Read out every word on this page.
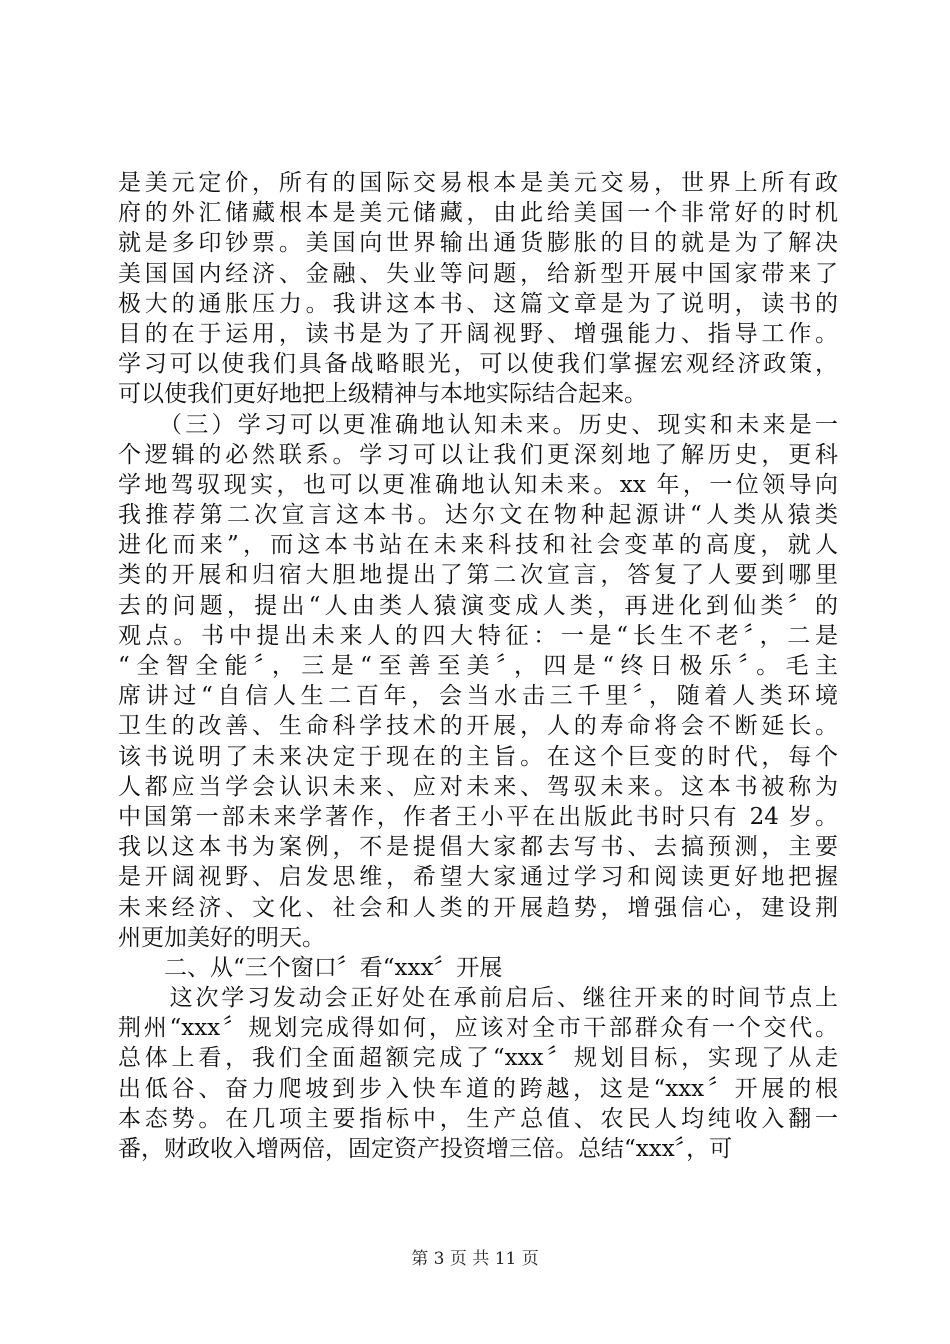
是美元定价，所有的国际交易根本是美元交易，世界上所有政
府的外汇储藏根本是美元储藏，由此给美国一个非常好的时机
就是多印钞票。美国向世界输出通货膨胀的目的就是为了解决
美国国内经济、金融、失业等问题，给新型开展中国家带来了
极大的通胀压力。我讲这本书、这篇文章是为了说明，读书的
目的在于运用，读书是为了开阔视野、增强能力、指导工作。
学习可以使我们具备战略眼光，可以使我们掌握宏观经济政策，
可以使我们更好地把上级精神与本地实际结合起来。
　　（三）学习可以更准确地认知未来。历史、现实和未来是一
个逻辑的必然联系。学习可以让我们更深刻地了解历史，更科
学地驾驭现实，也可以更准确地认知未来。xx 年，一位领导向
我推荐第二次宣言这本书。达尔文在物种起源讲“人类从猿类
进化而来”，而这本书站在未来科技和社会变革的高度，就人
类的开展和归宿大胆地提出了第二次宣言，答复了人要到哪里
去的问题，提出“人由类人猿演变成人类，再进化到仙类〞的
观点。书中提出未来人的四大特征：一是“长生不老〞，二是
“全智全能〞，三是“至善至美〞，四是“终日极乐〞。毛主
席讲过“自信人生二百年，会当水击三千里〞，随着人类环境
卫生的改善、生命科学技术的开展，人的寿命将会不断延长。
该书说明了未来决定于现在的主旨。在这个巨变的时代，每个
人都应当学会认识未来、应对未来、驾驭未来。这本书被称为
中国第一部未来学著作，作者王小平在出版此书时只有 24 岁。
我以这本书为案例，不是提倡大家都去写书、去搞预测，主要
是开阔视野、启发思维，希望大家通过学习和阅读更好地把握
未来经济、文化、社会和人类的开展趋势，增强信心，建设荆
州更加美好的明天。
　　二、从“三个窗口〞看“xxx〞开展
　　这次学习发动会正好处在承前启后、继往开来的时间节点上
荆州“xxx〞规划完成得如何，应该对全市干部群众有一个交代。
总体上看，我们全面超额完成了“xxx〞规划目标，实现了从走
出低谷、奋力爬坡到步入快车道的跨越，这是“xxx〞开展的根
本态势。在几项主要指标中，生产总值、农民人均纯收入翻一
番，财政收入增两倍，固定资产投资增三倍。总结“xxx〞，可
第 3 页 共 11 页
